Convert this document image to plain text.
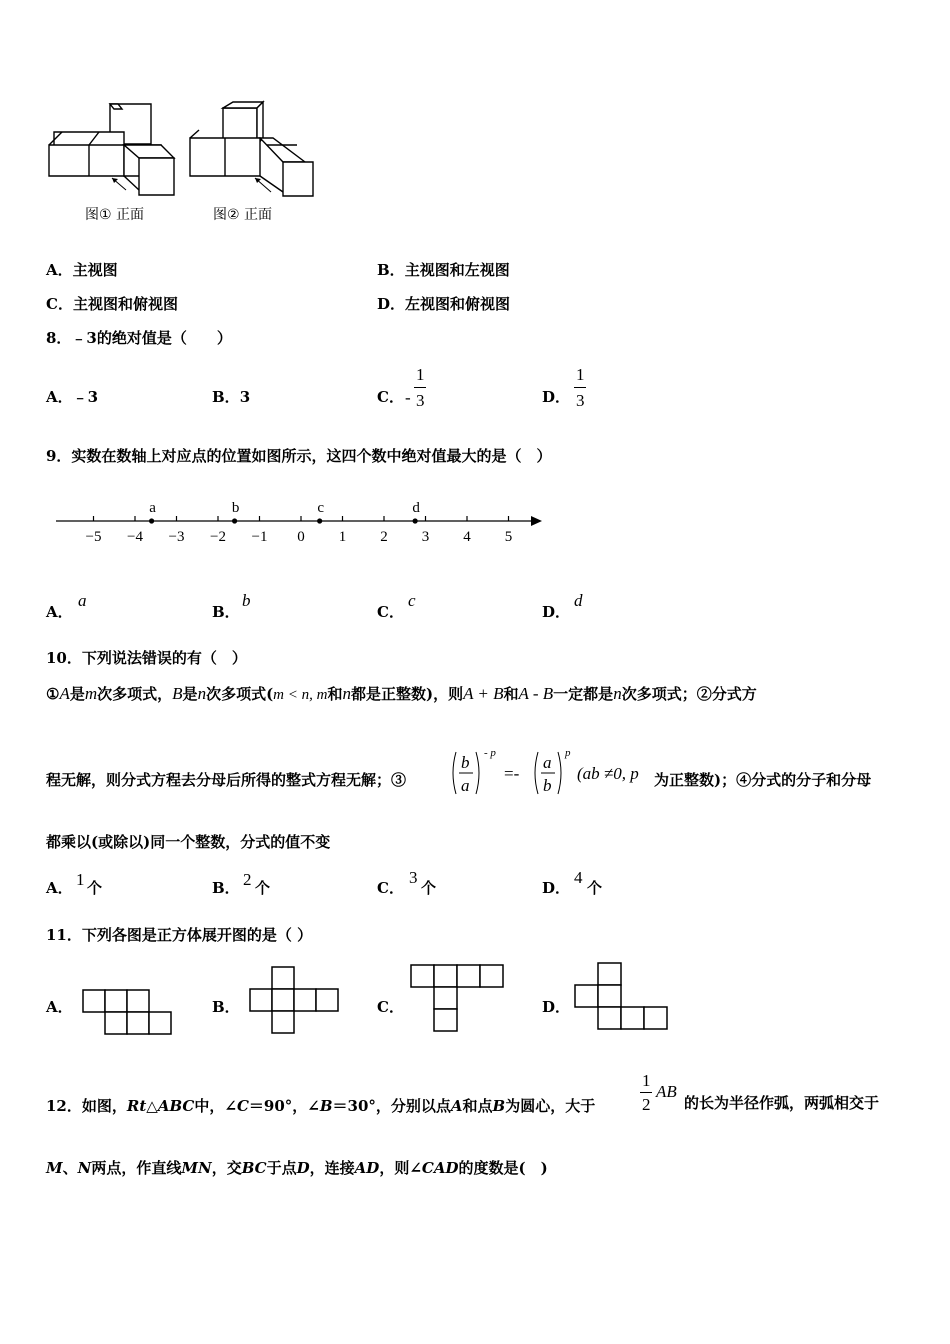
图① 正面	图② 正面
A．主视图	B．主视图和左视图
C．主视图和俯视图	D．左视图和俯视图
8．﹣3的绝对值是（　　）
A．﹣3	B．3	C． -
1
3	D．
1
3
9．实数在数轴上对应点的位置如图所示，这四个数中绝对值最大的是（　）
−5 −4 −3 −2 −1 0 1 2 3 4 5
a	b	c	d
A．
a
B．
b
C．
c
D．
d
10．下列说法错误的有（　）
①A是m次多项式，B是n次多项式(m < n, m和n都是正整数)，则A + B和A - B一定都是n次多项式；②分式方
程无解，则分式方程去分母后所得的整式方程无解；③
b
a
- p
=-
a
b
p
(ab ≠0, p 为正整数)；④分式的分子和分母
都乘以(或除以)同一个整数，分式的值不变
A． 1 个	B． 2 个	C．
3
个	D．
4
个
11．下列各图是正方体展开图的是（ ）
A．	B．	C．	D．
12．如图，Rt△ABC中，∠C＝90°，∠B＝30°，分别以点A和点B为圆心，大于
1
2
AB
的长为半径作弧，两弧相交于
M、N两点，作直线MN，交BC于点D，连接AD，则∠CAD的度数是(　)
